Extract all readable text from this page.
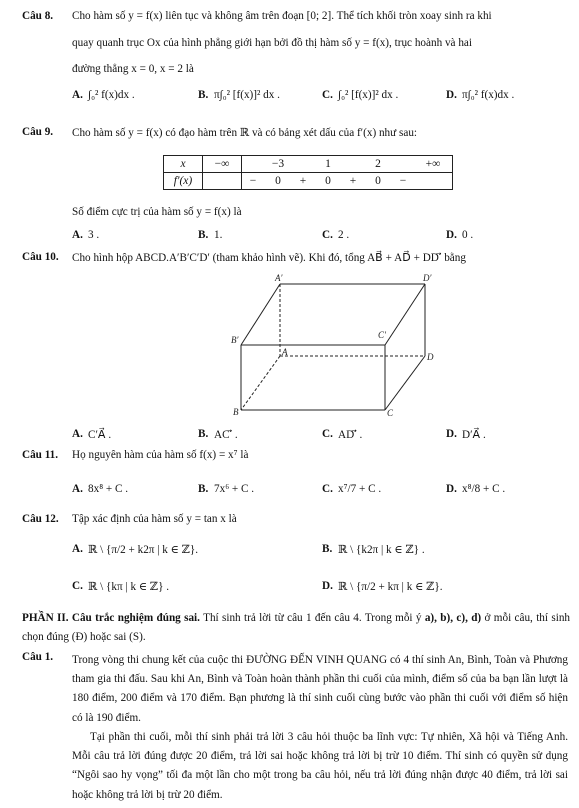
Câu 8. Cho hàm số y = f(x) liên tục và không âm trên đoạn [0; 2]. Thể tích khối tròn xoay sinh ra khi
quay quanh trục Ox của hình phẳng giới hạn bởi đồ thị hàm số y = f(x), trục hoành và hai
đường thẳng x = 0, x = 2 là
A. ∫₀² f(x)dx .	B. π∫₀² [f(x)]² dx .	C. ∫₀² [f(x)]² dx .	D. π∫₀² f(x)dx .
Câu 9. Cho hàm số y = f(x) có đạo hàm trên ℝ và có bảng xét dấu của f′(x) như sau:
x	−∞		−3		1		2		+∞
f′(x)		−	0	+	0	+	0	−	
Số điểm cực trị của hàm số y = f(x) là
A. 3 .	B. 1.	C. 2 .	D. 0 .
Câu 10. Cho hình hộp ABCD.A′B′C′D′ (tham khảo hình vẽ). Khi đó, tổng AB⃗ + AD⃗ + DD′⃗ bằng
A′	D′
B′	C′
A	D
B	C
A. C′A⃗ .	B. AC′⃗ .	C. AD′⃗ .	D. D′A⃗ .
Câu 11. Họ nguyên hàm của hàm số f(x) = x⁷ là
A. 8x⁸ + C .	B. 7x⁶ + C .	C. x⁷/7 + C .	D. x⁸/8 + C .
Câu 12. Tập xác định của hàm số y = tan x là
A. ℝ \ {π/2 + k2π | k ∈ ℤ}.	B. ℝ \ {k2π | k ∈ ℤ} .
C. ℝ \ {kπ | k ∈ ℤ} .	D. ℝ \ {π/2 + kπ | k ∈ ℤ}.
PHẦN II. Câu trắc nghiệm đúng sai. Thí sinh trả lời từ câu 1 đến câu 4. Trong mỗi ý a), b), c), d) ở mỗi câu, thí sinh chọn đúng (Đ) hoặc sai (S).
Câu 1. Trong vòng thi chung kết của cuộc thi ĐƯỜNG ĐẾN VINH QUANG có 4 thí sinh An, Bình, Toàn và Phương tham gia thi đấu. Sau khi An, Bình và Toàn hoàn thành phần thi cuối của mình, điểm số của ba bạn lần lượt là 180 điểm, 200 điểm và 170 điểm. Bạn phương là thí sinh cuối cùng bước vào phần thi cuối với điểm số hiện có là 190 điểm.
Tại phần thi cuối, mỗi thí sinh phải trả lời 3 câu hỏi thuộc ba lĩnh vực: Tự nhiên, Xã hội và Tiếng Anh. Mỗi câu trả lời đúng được 20 điểm, trả lời sai hoặc không trả lời bị trừ 10 điểm. Thí sinh có quyền sử dụng “Ngôi sao hy vọng” tối đa một lần cho một trong ba câu hỏi, nếu trả lời đúng nhận được 40 điểm, trả lời sai hoặc không trả lời bị trừ 20 điểm.
